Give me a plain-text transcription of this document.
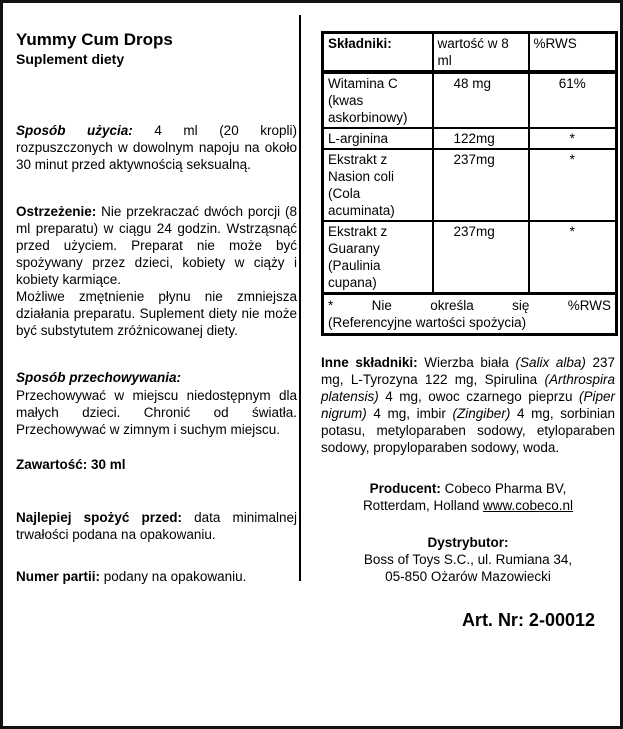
Yummy Cum Drops
Suplement diety

Sposób użycia: 4 ml (20 kropli) rozpuszczonych w dowolnym napoju na około 30 minut przed aktywnością seksualną.

Ostrzeżenie: Nie przekraczać dwóch porcji (8 ml preparatu) w ciągu 24 godzin. Wstrząsnąć przed użyciem. Preparat nie może być spożywany przez dzieci, kobiety w ciąży i kobiety karmiące.

Możliwe zmętnienie płynu nie zmniejsza działania preparatu. Suplement diety nie może być substytutem zróżnicowanej diety.

Sposób przechowywania:

Przechowywać w miejscu niedostępnym dla małych dzieci. Chronić od światła. Przechowywać w zimnym i suchym miejscu.

Zawartość: 30 ml

Najlepiej spożyć przed: data minimalnej trwałości podana na opakowaniu.

Numer partii: podany na opakowaniu.

Składniki:	wartość w 8 ml	%RWS
Witamina C (kwas askorbinowy)	48 mg	61%
L-arginina	122mg	*
Ekstrakt z Nasion coli (Cola acuminata)	237mg	*
Ekstrakt z Guarany (Paulinia cupana)	237mg	*

* Nie określa się %RWS
(Referencyjne wartości spożycia)		

Inne składniki: Wierzba biała (Salix alba) 237 mg, L-Tyrozyna 122 mg, Spirulina (Arthrospira platensis) 4 mg, owoc czarnego pieprzu (Piper nigrum) 4 mg, imbir (Zingiber) 4 mg, sorbinian potasu, metyloparaben sodowy, etyloparaben sodowy, propyloparaben sodowy, woda.

Producent: Cobeco Pharma BV,
Rotterdam, Holland www.cobeco.nl
Dystrybutor:
Boss of Toys S.C., ul. Rumiana 34,
05-850 Ożarów Mazowiecki
Art. Nr: 2-00012
